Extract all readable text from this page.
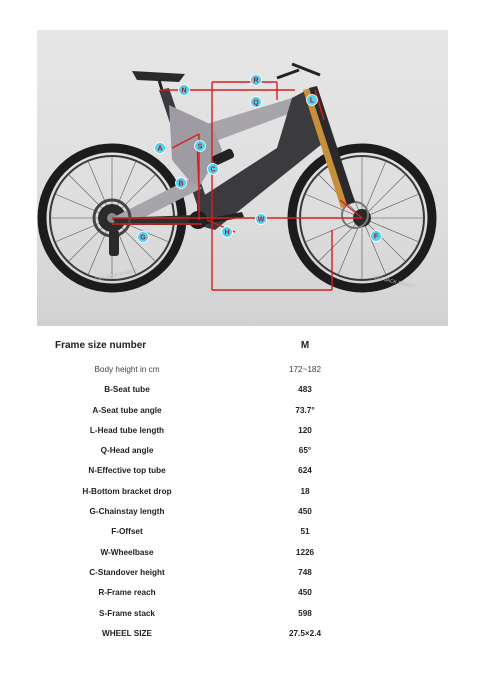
CST JACK RABBIT	CST JACK RABBIT
R
N
Q	L
A	S
C
B
W
G
H
F
Frame size number	M
Body height in cm	172~182
B-Seat tube	483
A-Seat tube angle	73.7°
L-Head tube length	120
Q-Head angle	65°
N-Effective top tube	624
H-Bottom bracket drop	18
G-Chainstay length	450
F-Offset	51
W-Wheelbase	1226
C-Standover height	748
R-Frame reach	450
S-Frame stack	598
WHEEL SIZE	27.5×2.4
